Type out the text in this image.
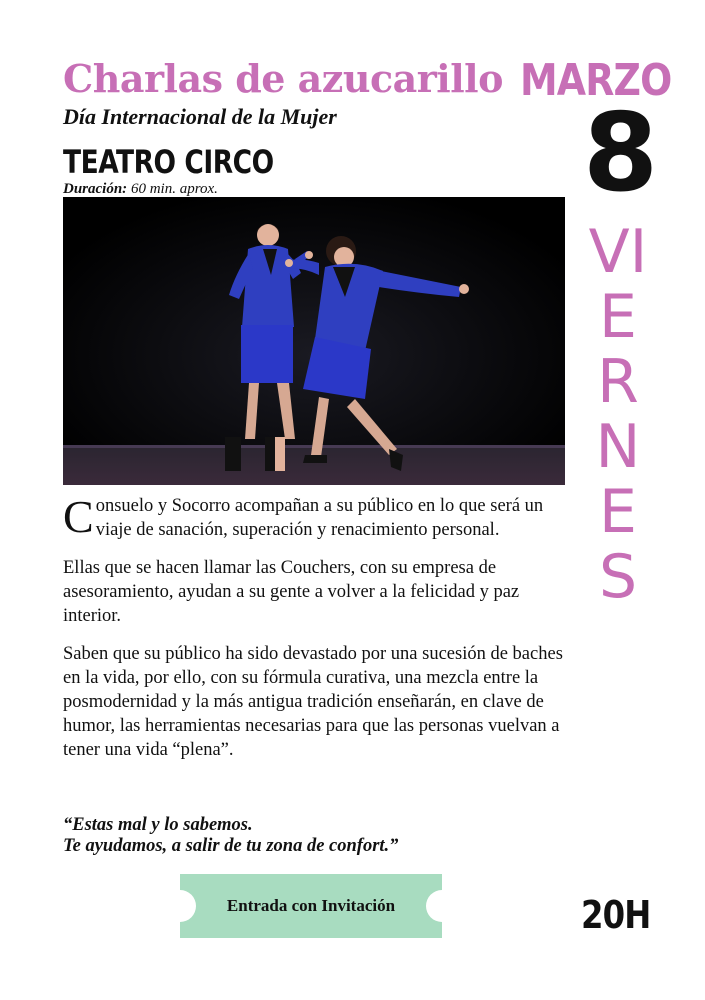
Charlas de azucarillo
Día Internacional de la Mujer
TEATRO CIRCO
Duración: 60 min. aprox.
MARZO
8
VIERNES
20H

Consuelo y Socorro acompañan a su público en lo que será un viaje de sanación, superación y renacimiento personal.

Ellas que se hacen llamar las Couchers, con su empresa de asesoramiento, ayudan a su gente a volver a la felicidad y paz interior.

Saben que su público ha sido devastado por una sucesión de baches en la vida, por ello, con su fórmula curativa, una mezcla entre la posmodernidad y la más antigua tradición enseñarán, en clave de humor, las herramientas necesarias para que las personas vuelvan a tener una vida “plena”.

“Estas mal y lo sabemos.
Te ayudamos, a salir de tu zona de confort.”
Entrada con Invitación
